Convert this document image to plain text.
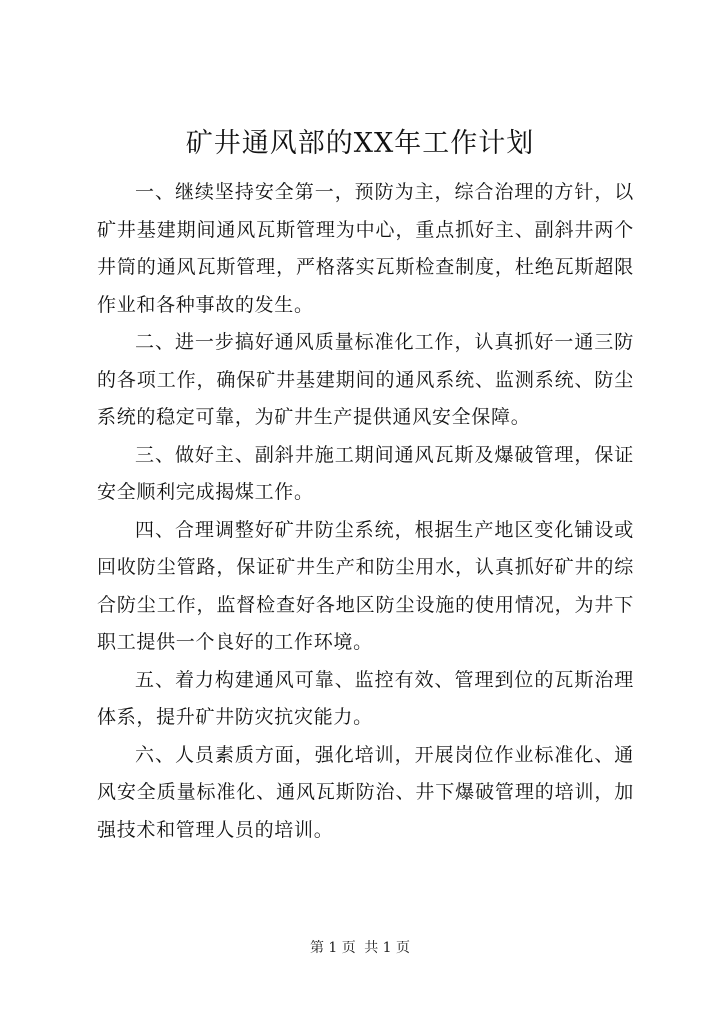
矿井通风部的XX年工作计划

一、继续坚持安全第一，预防为主，综合治理的方针，以矿井基建期间通风瓦斯管理为中心，重点抓好主、副斜井两个井筒的通风瓦斯管理，严格落实瓦斯检查制度，杜绝瓦斯超限作业和各种事故的发生。

二、进一步搞好通风质量标准化工作，认真抓好一通三防的各项工作，确保矿井基建期间的通风系统、监测系统、防尘系统的稳定可靠，为矿井生产提供通风安全保障。

三、做好主、副斜井施工期间通风瓦斯及爆破管理，保证安全顺利完成揭煤工作。

四、合理调整好矿井防尘系统，根据生产地区变化铺设或回收防尘管路，保证矿井生产和防尘用水，认真抓好矿井的综合防尘工作，监督检查好各地区防尘设施的使用情况，为井下职工提供一个良好的工作环境。

五、着力构建通风可靠、监控有效、管理到位的瓦斯治理体系，提升矿井防灾抗灾能力。

六、人员素质方面，强化培训，开展岗位作业标准化、通风安全质量标准化、通风瓦斯防治、井下爆破管理的培训，加强技术和管理人员的培训。

第 1 页 共 1 页
